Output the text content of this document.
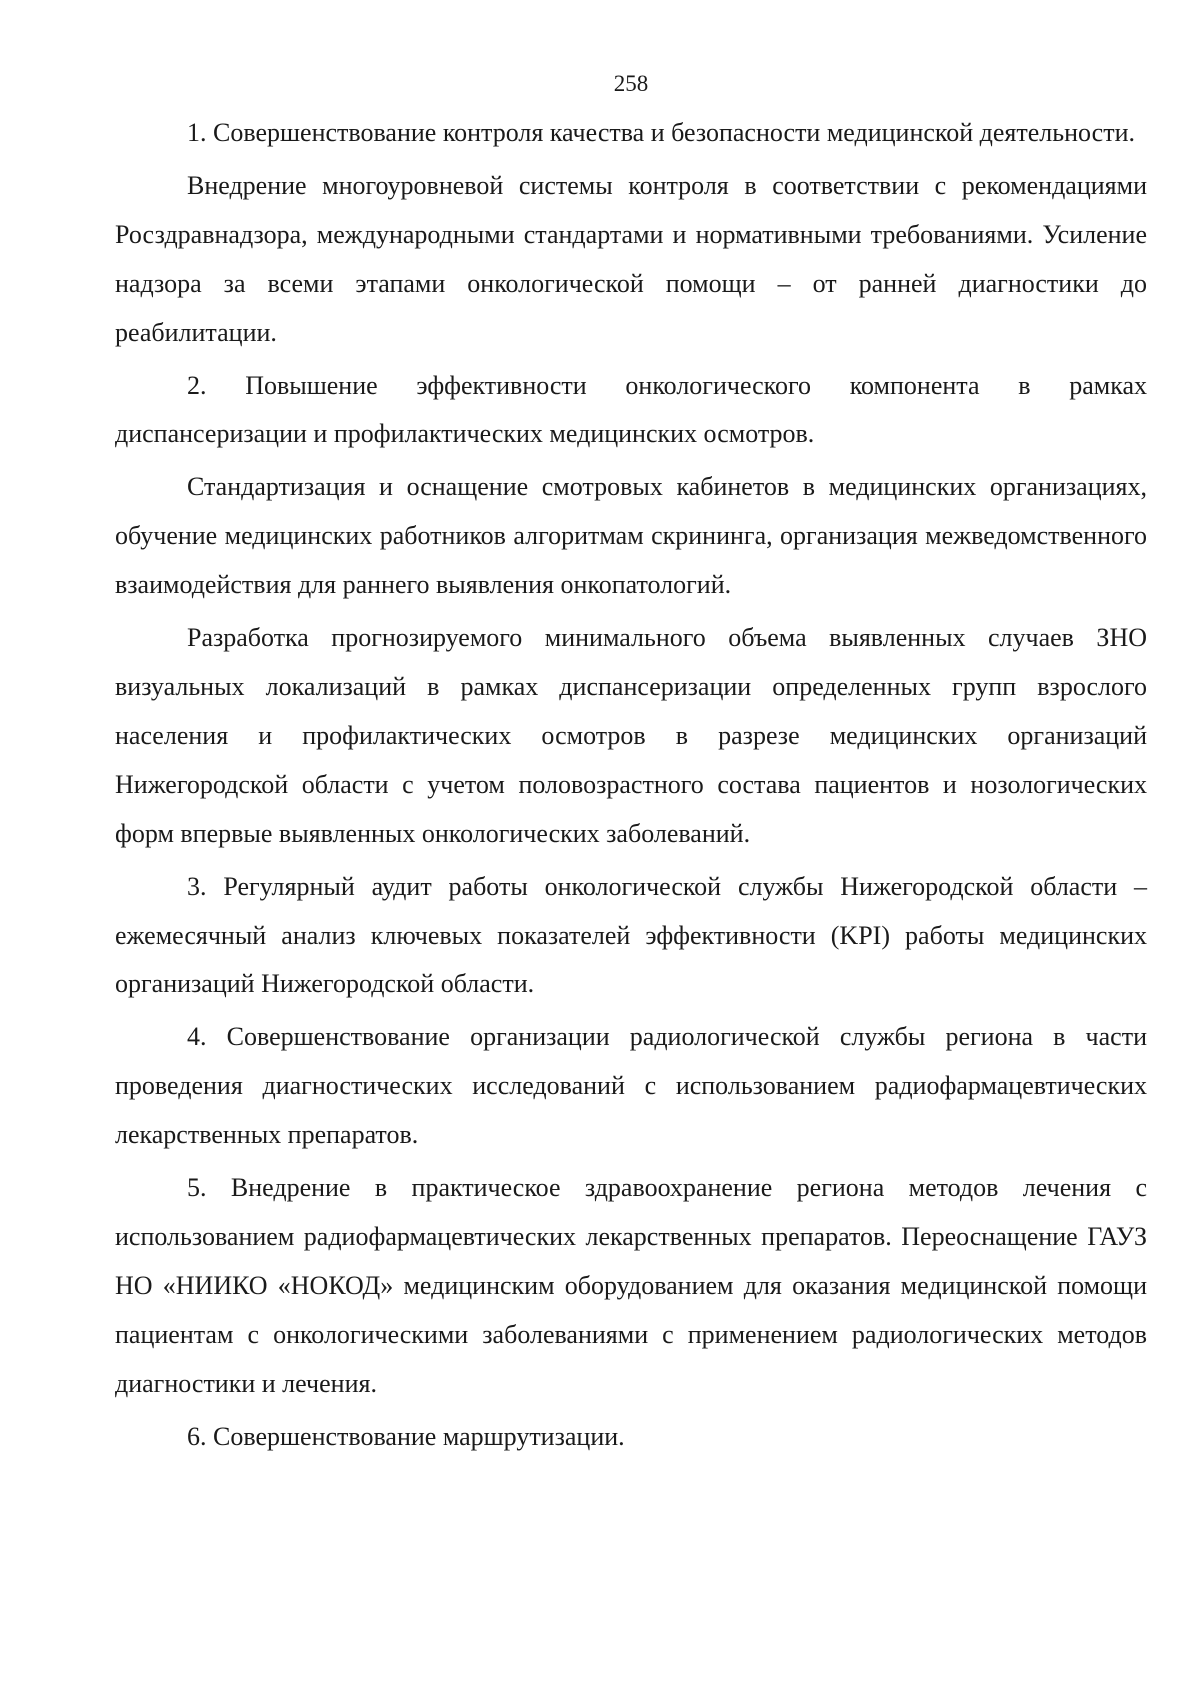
258

1. Совершенствование контроля качества и безопасности медицинской деятельности.

Внедрение многоуровневой системы контроля в соответствии с рекомендациями Росздравнадзора, международными стандартами и нормативными требованиями. Усиление надзора за всеми этапами онкологической помощи – от ранней диагностики до реабилитации.

2. Повышение эффективности онкологического компонента в рамках диспансеризации и профилактических медицинских осмотров.

Стандартизация и оснащение смотровых кабинетов в медицинских организациях, обучение медицинских работников алгоритмам скрининга, организация межведомственного взаимодействия для раннего выявления онкопатологий.

Разработка прогнозируемого минимального объема выявленных случаев ЗНО визуальных локализаций в рамках диспансеризации определенных групп взрослого населения и профилактических осмотров в разрезе медицинских организаций Нижегородской области с учетом половозрастного состава пациентов и нозологических форм впервые выявленных онкологических заболеваний.

3. Регулярный аудит работы онкологической службы Нижегородской области – ежемесячный анализ ключевых показателей эффективности (KPI) работы медицинских организаций Нижегородской области.

4. Совершенствование организации радиологической службы региона в части проведения диагностических исследований с использованием радиофармацевтических лекарственных препаратов.

5. Внедрение в практическое здравоохранение региона методов лечения с использованием радиофармацевтических лекарственных препаратов. Переоснащение ГАУЗ НО «НИИКО «НОКОД» медицинским оборудованием для оказания медицинской помощи пациентам с онкологическими заболеваниями с применением радиологических методов диагностики и лечения.

6. Совершенствование маршрутизации.
